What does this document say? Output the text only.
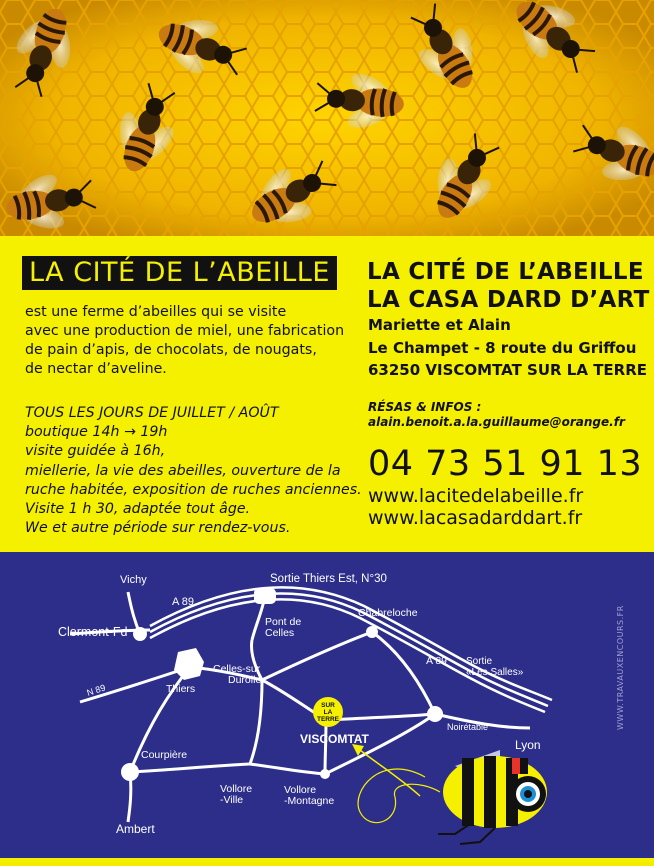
LA CITÉ DE L’ABEILLE
est une ferme d’abeilles qui se visite
avec une production de miel, une fabrication
de pain d’apis, de chocolats, de nougats,
de nectar d’aveline.
TOUS LES JOURS DE JUILLET / AOÛT
boutique 14h → 19h
visite guidée à 16h,
miellerie, la vie des abeilles, ouverture de la
ruche habitée, exposition de ruches anciennes.
Visite 1 h 30, adaptée tout âge.
We et autre période sur rendez-vous.
LA CITÉ DE L’ABEILLE
LA CASA DARD D’ART
Mariette et Alain
Le Champet - 8 route du Griffou
63250 VISCOMTAT SUR LA TERRE
RÉSAS & INFOS :
alain.benoit.a.la.guillaume@orange.fr
04 73 51 91 13
www.lacitedelabeille.fr
www.lacasadarddart.fr
SUR
LA
TERRE
Vichy	Sortie Thiers Est, N°30
A 89
Clermont-Fd
Pont de
Celles
Chabreloche
A 89 Sortie
«Les Salles»
N 89
Celles-sur
Durolle
Thiers
VISCOMTAT
Noirétable
Lyon
Courpière
Vollore
-Ville
Vollore
-Montagne
Ambert
WWW.TRAVAUXENCOURS.FR
